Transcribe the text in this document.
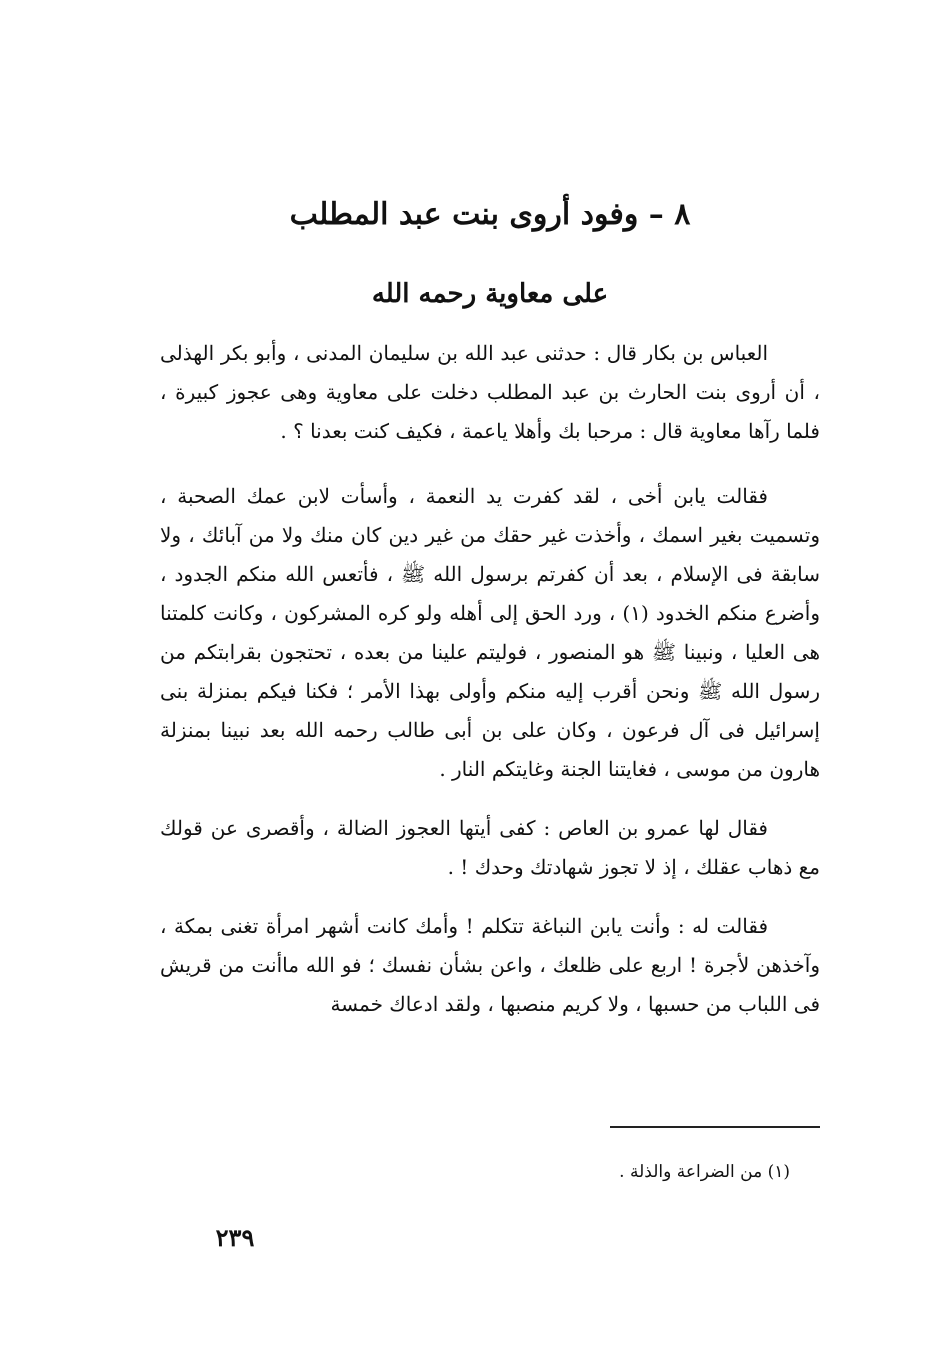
٨ – وفود أروى بنت عبد المطلب
على معاوية رحمه الله

العباس بن بكار قال : حدثنى عبد الله بن سليمان المدنى ، وأبو بكر الهذلى ، أن أروى بنت الحارث بن عبد المطلب دخلت على معاوية وهى عجوز كبيرة ، فلما رآها معاوية قال : مرحبا بك وأهلا ياعمة ، فكيف كنت بعدنا ؟ .

فقالت يابن أخى ، لقد كفرت يد النعمة ، وأسأت لابن عمك الصحبة ، وتسميت بغير اسمك ، وأخذت غير حقك من غير دين كان منك ولا من آبائك ، ولا سابقة فى الإسلام ، بعد أن كفرتم برسول الله ﷺ ، فأتعس الله منكم الجدود ، وأضرع منكم الخدود (١) ، ورد الحق إلى أهله ولو كره المشركون ، وكانت كلمتنا هى العليا ، ونبينا ﷺ هو المنصور ، فوليتم علينا من بعده ، تحتجون بقرابتكم من رسول الله ﷺ ونحن أقرب إليه منكم وأولى بهذا الأمر ؛ فكنا فيكم بمنزلة بنى إسرائيل فى آل فرعون ، وكان على بن أبى طالب رحمه الله بعد نبينا بمنزلة هارون من موسى ، فغايتنا الجنة وغايتكم النار .

فقال لها عمرو بن العاص : كفى أيتها العجوز الضالة ، وأقصرى عن قولك مع ذهاب عقلك ، إذ لا تجوز شهادتك وحدك ! .

فقالت له : وأنت يابن النباغة تتكلم ! وأمك كانت أشهر امرأة تغنى بمكة ، وآخذهن لأجرة ! اربع على ظلعك ، واعن بشأن نفسك ؛ فو الله ماأنت من قريش فى اللباب من حسبها ، ولا كريم منصبها ، ولقد ادعاك خمسة

(١) من الضراعة والذلة .

٢٣٩
